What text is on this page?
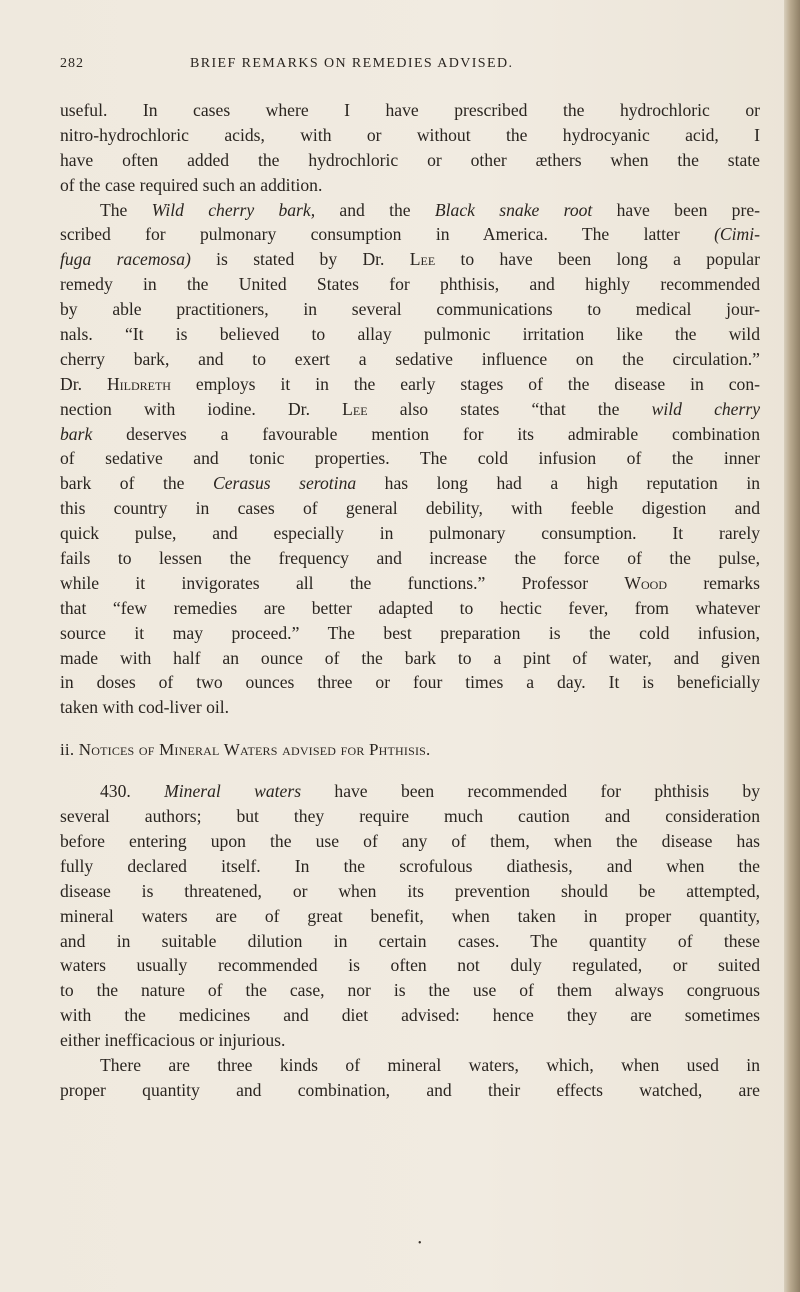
282	BRIEF REMARKS ON REMEDIES ADVISED.
useful. In cases where I have prescribed the hydrochloric or
nitro-hydrochloric acids, with or without the hydrocyanic acid, I
have often added the hydrochloric or other æthers when the state
of the case required such an addition.
The Wild cherry bark, and the Black snake root have been pre-
scribed for pulmonary consumption in America. The latter (Cimi-
fuga racemosa) is stated by Dr. Lee to have been long a popular
remedy in the United States for phthisis, and highly recommended
by able practitioners, in several communications to medical jour-
nals. “It is believed to allay pulmonic irritation like the wild
cherry bark, and to exert a sedative influence on the circulation.”
Dr. Hildreth employs it in the early stages of the disease in con-
nection with iodine. Dr. Lee also states “that the wild cherry
bark deserves a favourable mention for its admirable combination
of sedative and tonic properties. The cold infusion of the inner
bark of the Cerasus serotina has long had a high reputation in
this country in cases of general debility, with feeble digestion and
quick pulse, and especially in pulmonary consumption. It rarely
fails to lessen the frequency and increase the force of the pulse,
while it invigorates all the functions.” Professor Wood remarks
that “few remedies are better adapted to hectic fever, from whatever
source it may proceed.” The best preparation is the cold infusion,
made with half an ounce of the bark to a pint of water, and given
in doses of two ounces three or four times a day. It is beneficially
taken with cod-liver oil.
ii. Notices of Mineral Waters advised for Phthisis.
430. Mineral waters have been recommended for phthisis by
several authors; but they require much caution and consideration
before entering upon the use of any of them, when the disease has
fully declared itself. In the scrofulous diathesis, and when the
disease is threatened, or when its prevention should be attempted,
mineral waters are of great benefit, when taken in proper quantity,
and in suitable dilution in certain cases. The quantity of these
waters usually recommended is often not duly regulated, or suited
to the nature of the case, nor is the use of them always congruous
with the medicines and diet advised: hence they are sometimes
either inefficacious or injurious.
There are three kinds of mineral waters, which, when used in
proper quantity and combination, and their effects watched, are
•
